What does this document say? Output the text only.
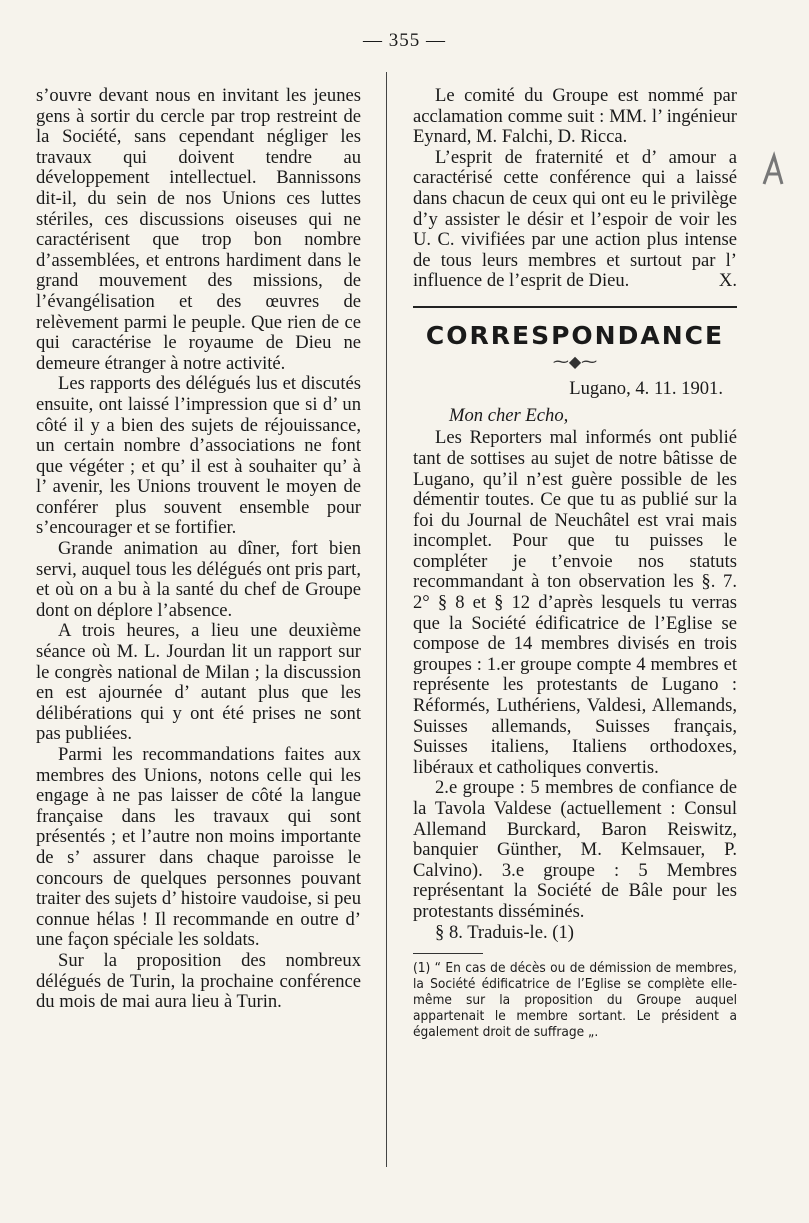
— 355 —

s’ouvre devant nous en invitant les jeunes gens à sortir du cercle par trop restreint de la Société, sans cependant négliger les travaux qui doivent tendre au développement intellectuel. Bannissons dit-il, du sein de nos Unions ces luttes stériles, ces discussions oiseuses qui ne caractérisent que trop bon nombre d’assemblées, et entrons hardiment dans le grand mouvement des missions, de l’évangélisation et des œuvres de relèvement parmi le peuple. Que rien de ce qui caractérise le royaume de Dieu ne demeure étranger à notre activité.

Les rapports des délégués lus et discutés ensuite, ont laissé l’impression que si d’ un côté il y a bien des sujets de réjouissance, un certain nombre d’associations ne font que végéter ; et qu’ il est à souhaiter qu’ à l’ avenir, les Unions trouvent le moyen de conférer plus souvent ensemble pour s’encourager et se fortifier.

Grande animation au dîner, fort bien servi, auquel tous les délégués ont pris part, et où on a bu à la santé du chef de Groupe dont on déplore l’absence.

A trois heures, a lieu une deuxième séance où M. L. Jourdan lit un rapport sur le congrès national de Milan ; la discussion en est ajournée d’ autant plus que les délibérations qui y ont été prises ne sont pas publiées.

Parmi les recommandations faites aux membres des Unions, notons celle qui les engage à ne pas laisser de côté la langue française dans les travaux qui sont présentés ; et l’autre non moins importante de s’ assurer dans chaque paroisse le concours de quelques personnes pouvant traiter des sujets d’ histoire vaudoise, si peu connue hélas ! Il recommande en outre d’ une façon spéciale les soldats.

Sur la proposition des nombreux délégués de Turin, la prochaine conférence du mois de mai aura lieu à Turin.

Le comité du Groupe est nommé par acclamation comme suit : MM. l’ ingénieur Eynard, M. Falchi, D. Ricca.

L’esprit de fraternité et d’ amour a caractérisé cette conférence qui a laissé dans chacun de ceux qui ont eu le privilège d’y assister le désir et l’espoir de voir les U. C. vivifiées par une action plus intense de tous leurs membres et surtout par l’ influence de l’esprit de Dieu.	X.

CORRESPONDANCE
⁓◆⁓
Lugano, 4. 11. 1901.
Mon cher Echo,

Les Reporters mal informés ont publié tant de sottises au sujet de notre bâtisse de Lugano, qu’il n’est guère possible de les démentir toutes. Ce que tu as publié sur la foi du Journal de Neuchâtel est vrai mais incomplet. Pour que tu puisses le compléter je t’envoie nos statuts recommandant à ton observation les §. 7. 2° § 8 et § 12 d’après lesquels tu verras que la Société édificatrice de l’Eglise se compose de 14 membres divisés en trois groupes : 1.er groupe compte 4 membres et représente les protestants de Lugano : Réformés, Luthériens, Valdesi, Allemands, Suisses allemands, Suisses français, Suisses italiens, Italiens orthodoxes, libéraux et catholiques convertis.

2.e groupe : 5 membres de confiance de la Tavola Valdese (actuellement : Consul Allemand Burckard, Baron Reiswitz, banquier Günther, M. Kelmsauer, P. Calvino). 3.e groupe : 5 Membres représentant la Société de Bâle pour les protestants disséminés.

§ 8. Traduis-le. (1)

(1) “ En cas de décès ou de démission de membres, la Société édificatrice de l’Eglise se complète elle-même sur la proposition du Groupe auquel appartenait le membre sortant. Le président a également droit de suffrage „.
